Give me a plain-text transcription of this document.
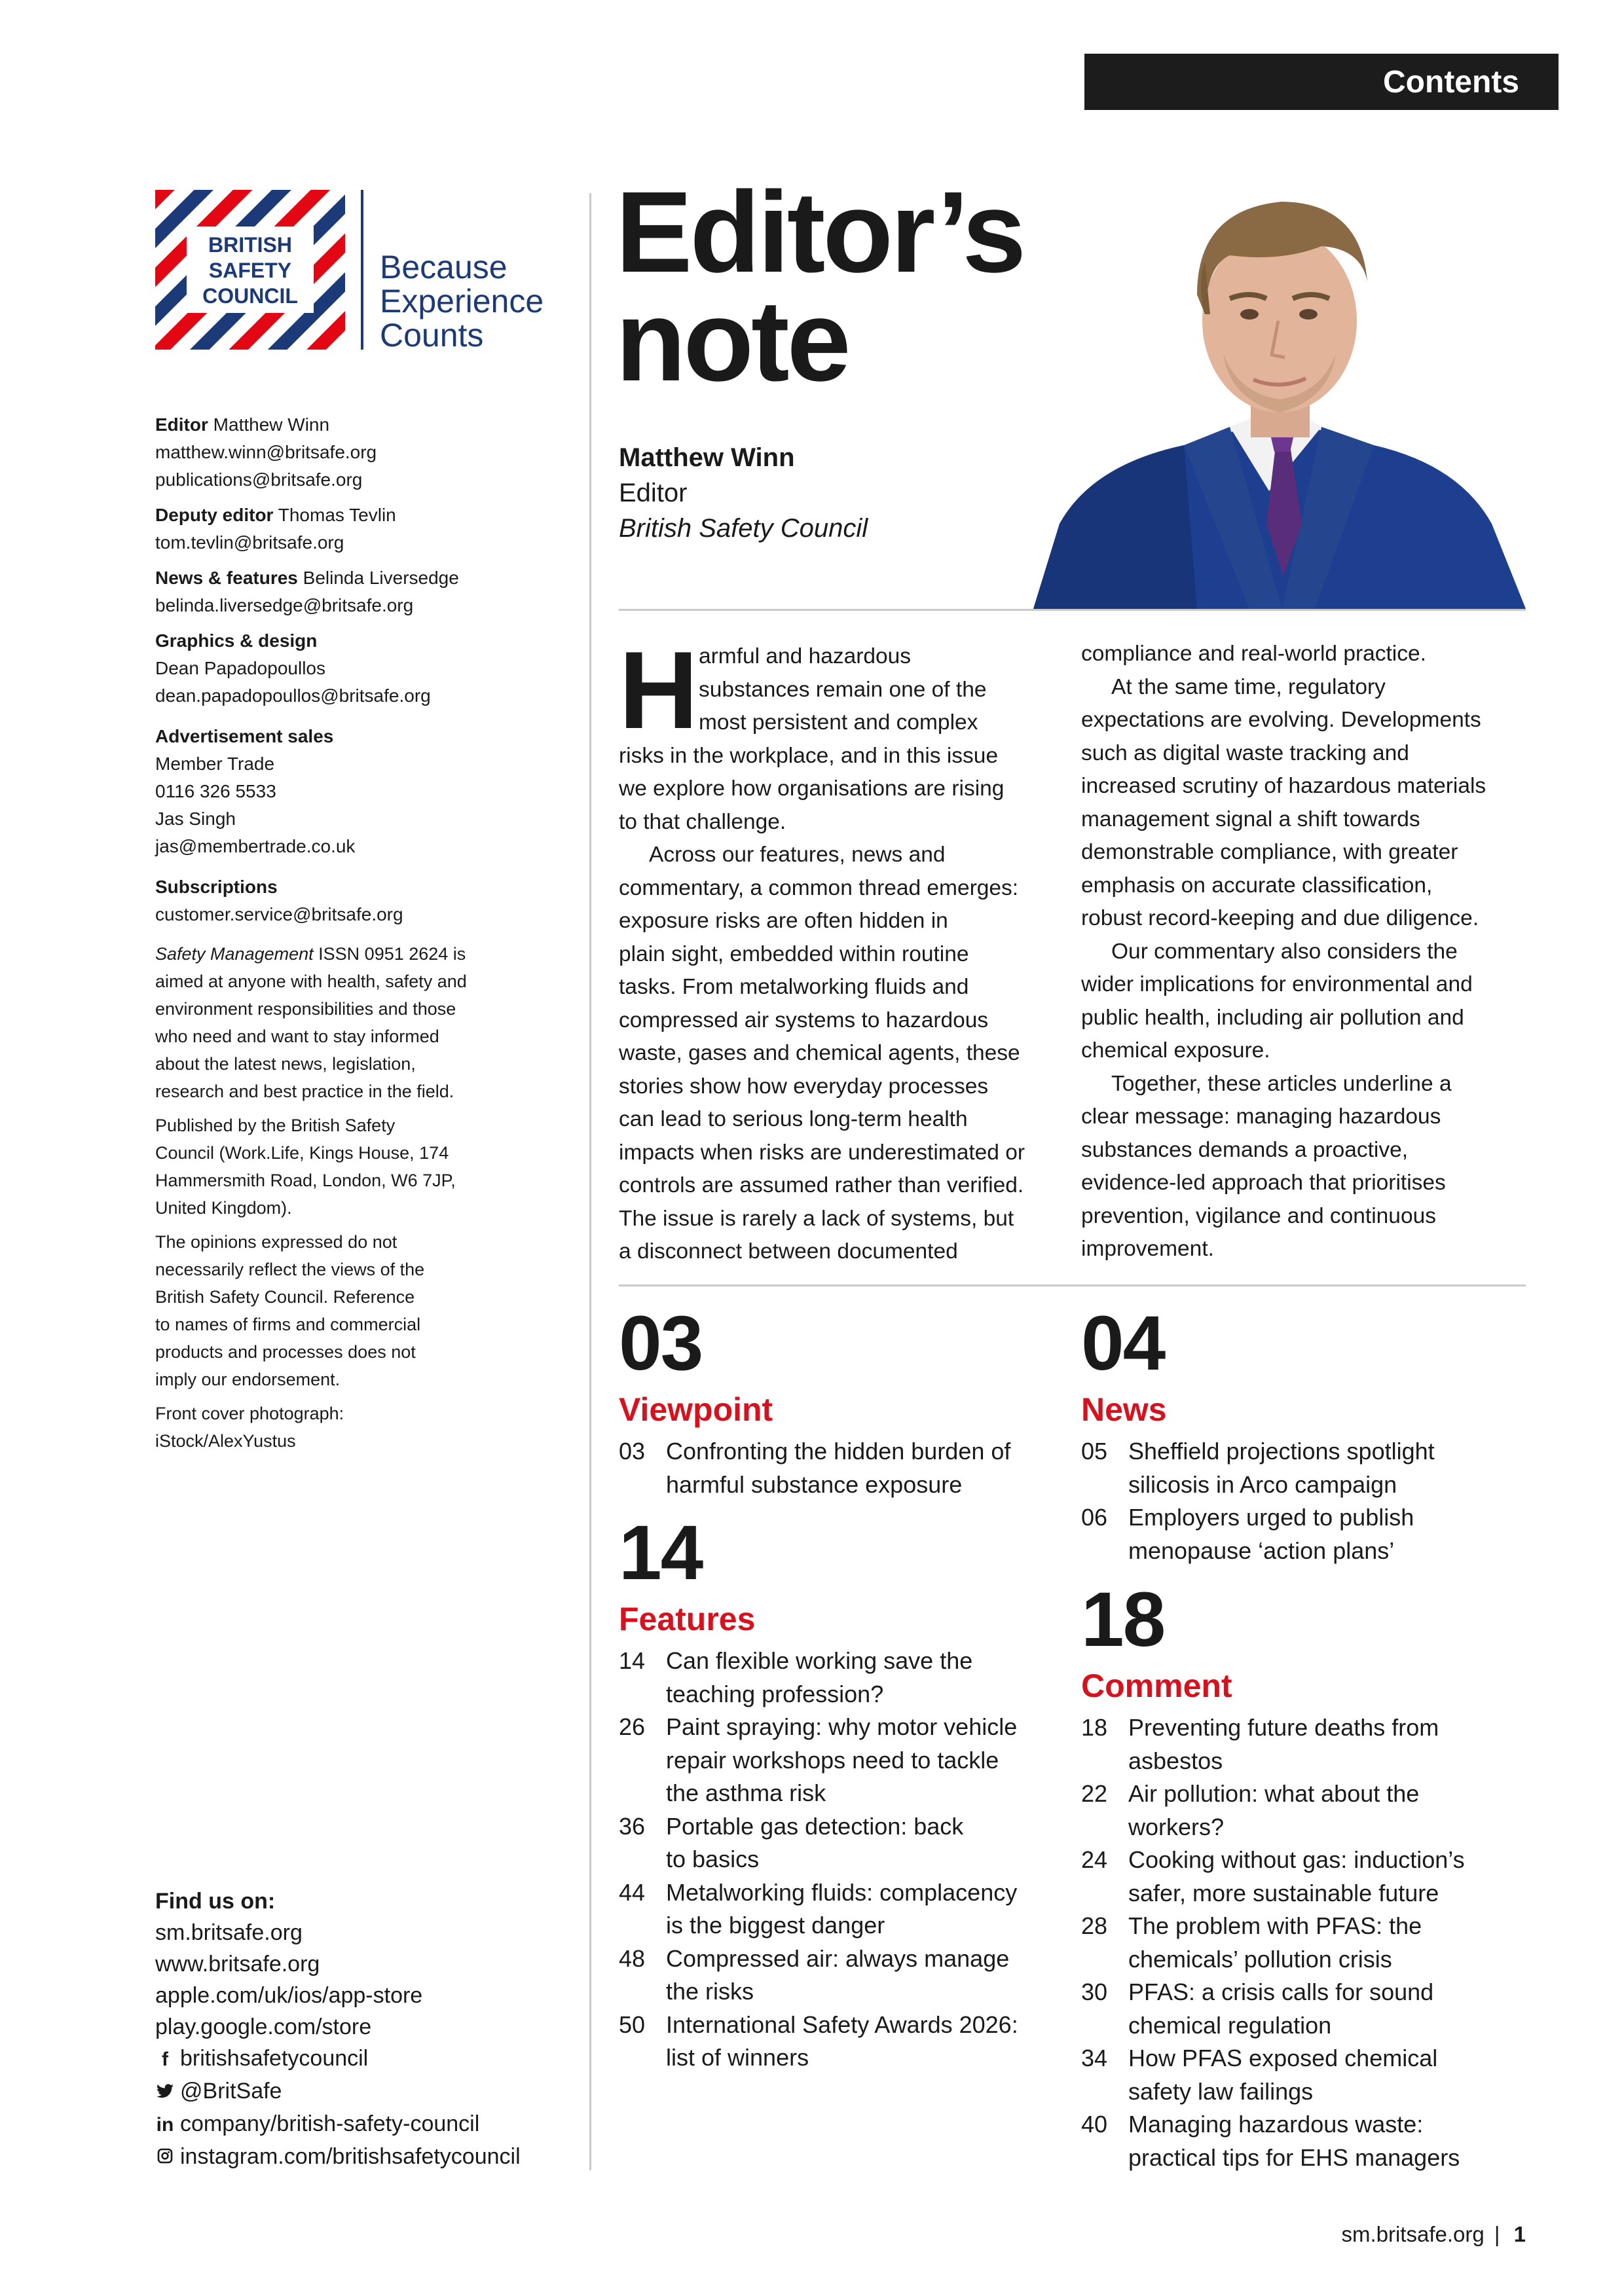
Contents
BRITISH
SAFETY
COUNCIL
Because
Experience
Counts

Editor Matthew Winn

matthew.winn@britsafe.org

publications@britsafe.org

Deputy editor Thomas Tevlin

tom.tevlin@britsafe.org

News & features Belinda Liversedge

belinda.liversedge@britsafe.org

Graphics & design

Dean Papadopoullos

dean.papadopoullos@britsafe.org

Advertisement sales

Member Trade

0116 326 5533

Jas Singh

jas@membertrade.co.uk

Subscriptions

customer.service@britsafe.org

Safety Management ISSN 0951 2624 is

aimed at anyone with health, safety and

environment responsibilities and those

who need and want to stay informed

about the latest news, legislation,

research and best practice in the field.

Published by the British Safety

Council (Work.Life, Kings House, 174

Hammersmith Road, London, W6 7JP,

United Kingdom).

The opinions expressed do not

necessarily reflect the views of the

British Safety Council. Reference

to names of firms and commercial

products and processes does not

imply our endorsement.

Front cover photograph:

iStock/AlexYustus

Find us on:

sm.britsafe.org

www.britsafe.org

apple.com/uk/ios/app-store

play.google.com/store

f britishsafetycouncil

@BritSafe

in company/british-safety-council

instagram.com/britishsafetycouncil

Editor’s
note

Matthew Winn

Editor

British Safety Council

H armful and hazardous

substances remain one of the

most persistent and complex

risks in the workplace, and in this issue

we explore how organisations are rising

to that challenge.

Across our features, news and

commentary, a common thread emerges:

exposure risks are often hidden in

plain sight, embedded within routine

tasks. From metalworking fluids and

compressed air systems to hazardous

waste, gases and chemical agents, these

stories show how everyday processes

can lead to serious long-term health

impacts when risks are underestimated or

controls are assumed rather than verified.

The issue is rarely a lack of systems, but

a disconnect between documented

compliance and real-world practice.

At the same time, regulatory

expectations are evolving. Developments

such as digital waste tracking and

increased scrutiny of hazardous materials

management signal a shift towards

demonstrable compliance, with greater

emphasis on accurate classification,

robust record-keeping and due diligence.

Our commentary also considers the

wider implications for environmental and

public health, including air pollution and

chemical exposure.

Together, these articles underline a

clear message: managing hazardous

substances demands a proactive,

evidence-led approach that prioritises

prevention, vigilance and continuous

improvement.

03
Viewpoint
03 Confronting the hidden burden of

harmful substance exposure

14
Features
14 Can flexible working save the

teaching profession?

26 Paint spraying: why motor vehicle

repair workshops need to tackle

the asthma risk

36 Portable gas detection: back

to basics

44 Metalworking fluids: complacency

is the biggest danger

48 Compressed air: always manage

the risks

50 International Safety Awards 2026:

list of winners

04
News
05 Sheffield projections spotlight

silicosis in Arco campaign

06 Employers urged to publish

menopause ‘action plans’

18
Comment
18 Preventing future deaths from

asbestos

22 Air pollution: what about the

workers?

24 Cooking without gas: induction’s

safer, more sustainable future

28 The problem with PFAS: the

chemicals’ pollution crisis

30 PFAS: a crisis calls for sound

chemical regulation

34 How PFAS exposed chemical

safety law failings

40 Managing hazardous waste:

practical tips for EHS managers

sm.britsafe.org | 1
